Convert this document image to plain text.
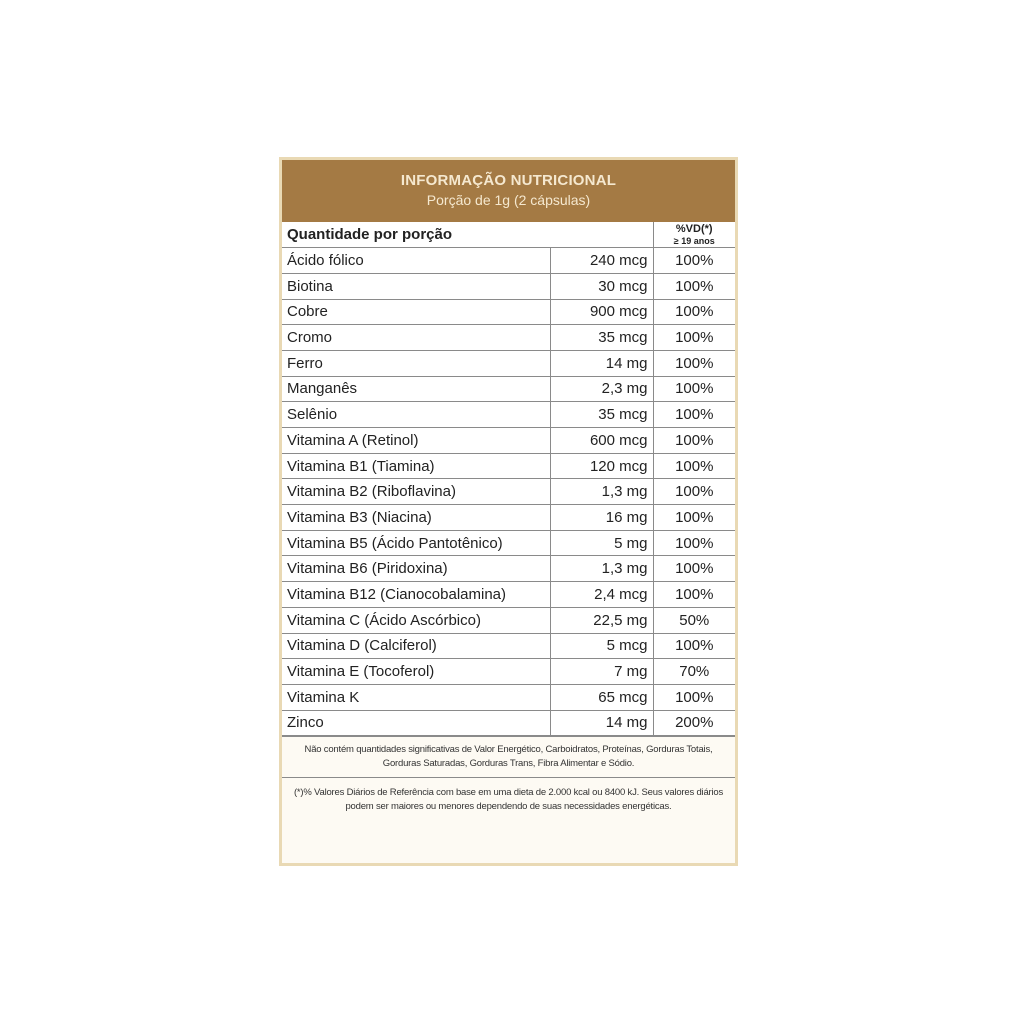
INFORMAÇÃO NUTRICIONAL
Porção de 1g (2 cápsulas)
Quantidade por porção		%VD(*)
≥ 19 anos

Ácido fólico	240 mcg	100%
Biotina	30 mcg	100%
Cobre	900 mcg	100%
Cromo	35 mcg	100%
Ferro	14 mg	100%
Manganês	2,3 mg	100%
Selênio	35 mcg	100%
Vitamina A (Retinol)	600 mcg	100%
Vitamina B1 (Tiamina)	120 mcg	100%
Vitamina B2 (Riboflavina)	1,3 mg	100%
Vitamina B3 (Niacina)	16 mg	100%
Vitamina B5 (Ácido Pantotênico)	5 mg	100%
Vitamina B6 (Piridoxina)	1,3 mg	100%
Vitamina B12 (Cianocobalamina)	2,4 mcg	100%
Vitamina C (Ácido Ascórbico)	22,5 mg	50%
Vitamina D (Calciferol)	5 mcg	100%
Vitamina E (Tocoferol)	7 mg	70%
Vitamina K	65 mcg	100%
Zinco	14 mg	200%
Não contém quantidades significativas de Valor Energético, Carboidratos, Proteínas, Gorduras Totais, Gorduras Saturadas, Gorduras Trans, Fibra Alimentar e Sódio.
(*)% Valores Diários de Referência com base em uma dieta de 2.000 kcal ou 8400 kJ. Seus valores diários podem ser maiores ou menores dependendo de suas necessidades energéticas.
